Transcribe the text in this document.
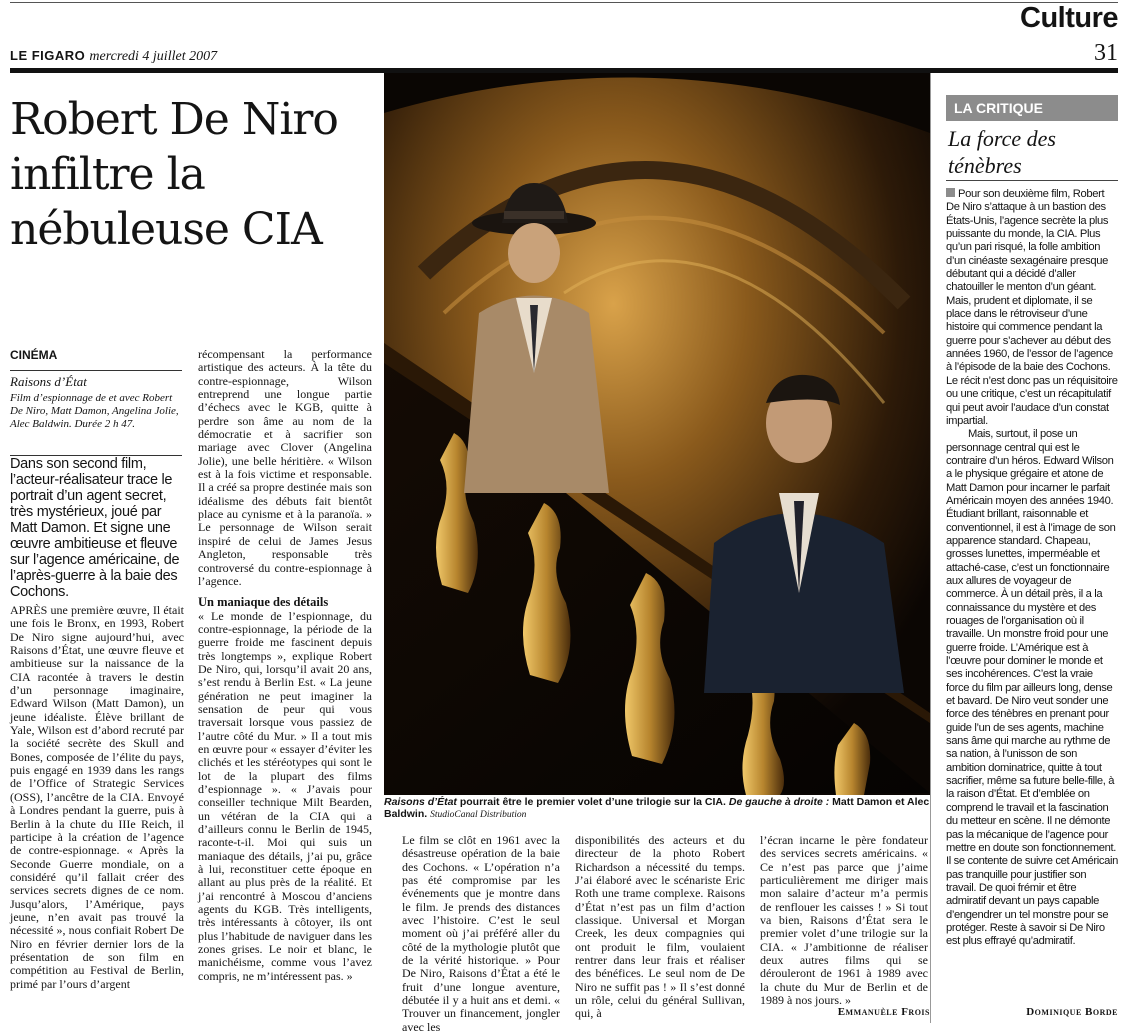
LE FIGARO mercredi 4 juillet 2007
Culture
31
Robert De Niro infiltre la nébuleuse CIA
CINÉMA
Raisons d’État
Film d’espionnage de et avec Robert De Niro, Matt Damon, Angelina Jolie, Alec Baldwin. Durée 2 h 47.
Dans son second film, l’acteur-réalisateur trace le portrait d’un agent secret, très mystérieux, joué par Matt Damon. Et signe une œuvre ambitieuse et fleuve sur l’agence américaine, de l’après-guerre à la baie des Cochons.
APRÈS une première œuvre, Il était une fois le Bronx, en 1993, Robert De Niro signe aujourd’hui, avec Raisons d’État, une œuvre fleuve et ambitieuse sur la naissance de la CIA racontée à travers le destin d’un personnage imaginaire, Edward Wilson (Matt Damon), un jeune idéaliste. Élève brillant de Yale, Wilson est d’abord recruté par la société secrète des Skull and Bones, composée de l’élite du pays, puis engagé en 1939 dans les rangs de l’Office of Strategic Services (OSS), l’ancêtre de la CIA. Envoyé à Londres pendant la guerre, puis à Berlin à la chute du IIIe Reich, il participe à la création de l’agence de contre-espionnage. « Après la Seconde Guerre mondiale, on a considéré qu’il fallait créer des services secrets dignes de ce nom. Jusqu’alors, l’Amérique, pays jeune, n’en avait pas trouvé la nécessité », nous confiait Robert De Niro en février dernier lors de la présentation de son film en compétition au Festival de Berlin, primé par l’ours d’argent
récompensant la performance artistique des acteurs. À la tête du contre-espionnage, Wilson entreprend une longue partie d’échecs avec le KGB, quitte à perdre son âme au nom de la démocratie et à sacrifier son mariage avec Clover (Angelina Jolie), une belle héritière. « Wilson est à la fois victime et responsable. Il a créé sa propre destinée mais son idéalisme des débuts fait bientôt place au cynisme et à la paranoïa. » Le personnage de Wilson serait inspiré de celui de James Jesus Angleton, responsable très controversé du contre-espionnage à l’agence.
Un maniaque des détails
« Le monde de l’espionnage, du contre-espionnage, la période de la guerre froide me fascinent depuis très longtemps », explique Robert De Niro, qui, lorsqu’il avait 20 ans, s’est rendu à Berlin Est. « La jeune génération ne peut imaginer la sensation de peur qui vous traversait lorsque vous passiez de l’autre côté du Mur. » Il a tout mis en œuvre pour « essayer d’éviter les clichés et les stéréotypes qui sont le lot de la plupart des films d’espionnage ». « J’avais pour conseiller technique Milt Bearden, un vétéran de la CIA qui a d’ailleurs connu le Berlin de 1945, raconte-t-il. Moi qui suis un maniaque des détails, j’ai pu, grâce à lui, reconstituer cette époque en allant au plus près de la réalité. Et j’ai rencontré à Moscou d’anciens agents du KGB. Très intelligents, très intéressants à côtoyer, ils ont plus l’habitude de naviguer dans les zones grises. Le noir et blanc, le manichéisme, comme vous l’avez compris, ne m’intéressent pas. »
Raisons d’État pourrait être le premier volet d’une trilogie sur la CIA. De gauche à droite : Matt Damon et Alec Baldwin. StudioCanal Distribution
Le film se clôt en 1961 avec la désastreuse opération de la baie des Cochons. « L’opération n’a pas été compromise par les événements que je montre dans le film. Je prends des distances avec l’histoire. C’est le seul moment où j’ai préféré aller du côté de la mythologie plutôt que de la vérité historique. » Pour De Niro, Raisons d’État a été le fruit d’une longue aventure, débutée il y a huit ans et demi. « Trouver un financement, jongler avec les
disponibilités des acteurs et du directeur de la photo Robert Richardson a nécessité du temps. J’ai élaboré avec le scénariste Eric Roth une trame complexe. Raisons d’État n’est pas un film d’action classique. Universal et Morgan Creek, les deux compagnies qui ont produit le film, voulaient rentrer dans leur frais et réaliser des bénéfices. Le seul nom de De Niro ne suffit pas ! » Il s’est donné un rôle, celui du général Sullivan, qui, à
l’écran incarne le père fondateur des services secrets américains. « Ce n’est pas parce que j’aime particulièrement me diriger mais mon salaire d’acteur m’a permis de renflouer les caisses ! » Si tout va bien, Raisons d’État sera le premier volet d’une trilogie sur la CIA. « J’ambitionne de réaliser deux autres films qui se dérouleront de 1961 à 1989 avec la chute du Mur de Berlin et de 1989 à nos jours. »
Emmanuèle Frois
LA CRITIQUE
La force des ténèbres
Pour son deuxième film, Robert De Niro s’attaque à un bastion des États-Unis, l’agence secrète la plus puissante du monde, la CIA. Plus qu’un pari risqué, la folle ambition d’un cinéaste sexagénaire presque débutant qui a décidé d’aller chatouiller le menton d’un géant. Mais, prudent et diplomate, il se place dans le rétroviseur d’une histoire qui commence pendant la guerre pour s’achever au début des années 1960, de l’essor de l’agence à l’épisode de la baie des Cochons. Le récit n’est donc pas un réquisitoire ou une critique, c’est un récapitulatif qui peut avoir l’audace d’un constat impartial.
Mais, surtout, il pose un personnage central qui est le contraire d’un héros. Edward Wilson a le physique grégaire et atone de Matt Damon pour incarner le parfait Américain moyen des années 1940. Étudiant brillant, raisonnable et conventionnel, il est à l’image de son apparence standard. Chapeau, grosses lunettes, imperméable et attaché-case, c’est un fonctionnaire aux allures de voyageur de commerce. À un détail près, il a la connaissance du mystère et des rouages de l’organisation où il travaille. Un monstre froid pour une guerre froide. L’Amérique est à l’œuvre pour dominer le monde et ses incohérences. C’est la vraie force du film par ailleurs long, dense et bavard. De Niro veut sonder une force des ténèbres en prenant pour guide l’un de ses agents, machine sans âme qui marche au rythme de sa nation, à l’unisson de son ambition dominatrice, quitte à tout sacrifier, même sa future belle-fille, à la raison d’État. Et d’emblée on comprend le travail et la fascination du metteur en scène. Il ne démonte pas la mécanique de l’agence pour mettre en doute son fonctionnement. Il se contente de suivre cet Américain pas tranquille pour justifier son travail. De quoi frémir et être admiratif devant un pays capable d’engendrer un tel monstre pour se protéger. Reste à savoir si De Niro est plus effrayé qu’admiratif.
Dominique Borde
